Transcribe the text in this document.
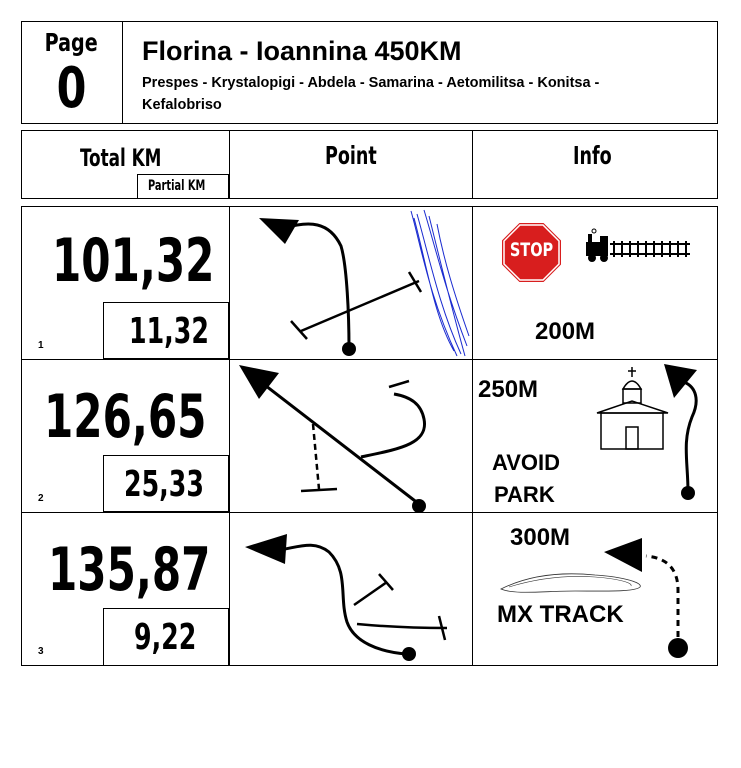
Page
0
Florina - Ioannina 450KM
Prespes - Krystalopigi - Abdela - Samarina - Aetomilitsa - Konitsa -
Kefalobriso
Total KM
Partial KM
Point	Info
101,32
11,32
1
STOP
200M
126,65
25,33
2
250M
AVOID
PARK
135,87
9,22
3
300M
MX TRACK
